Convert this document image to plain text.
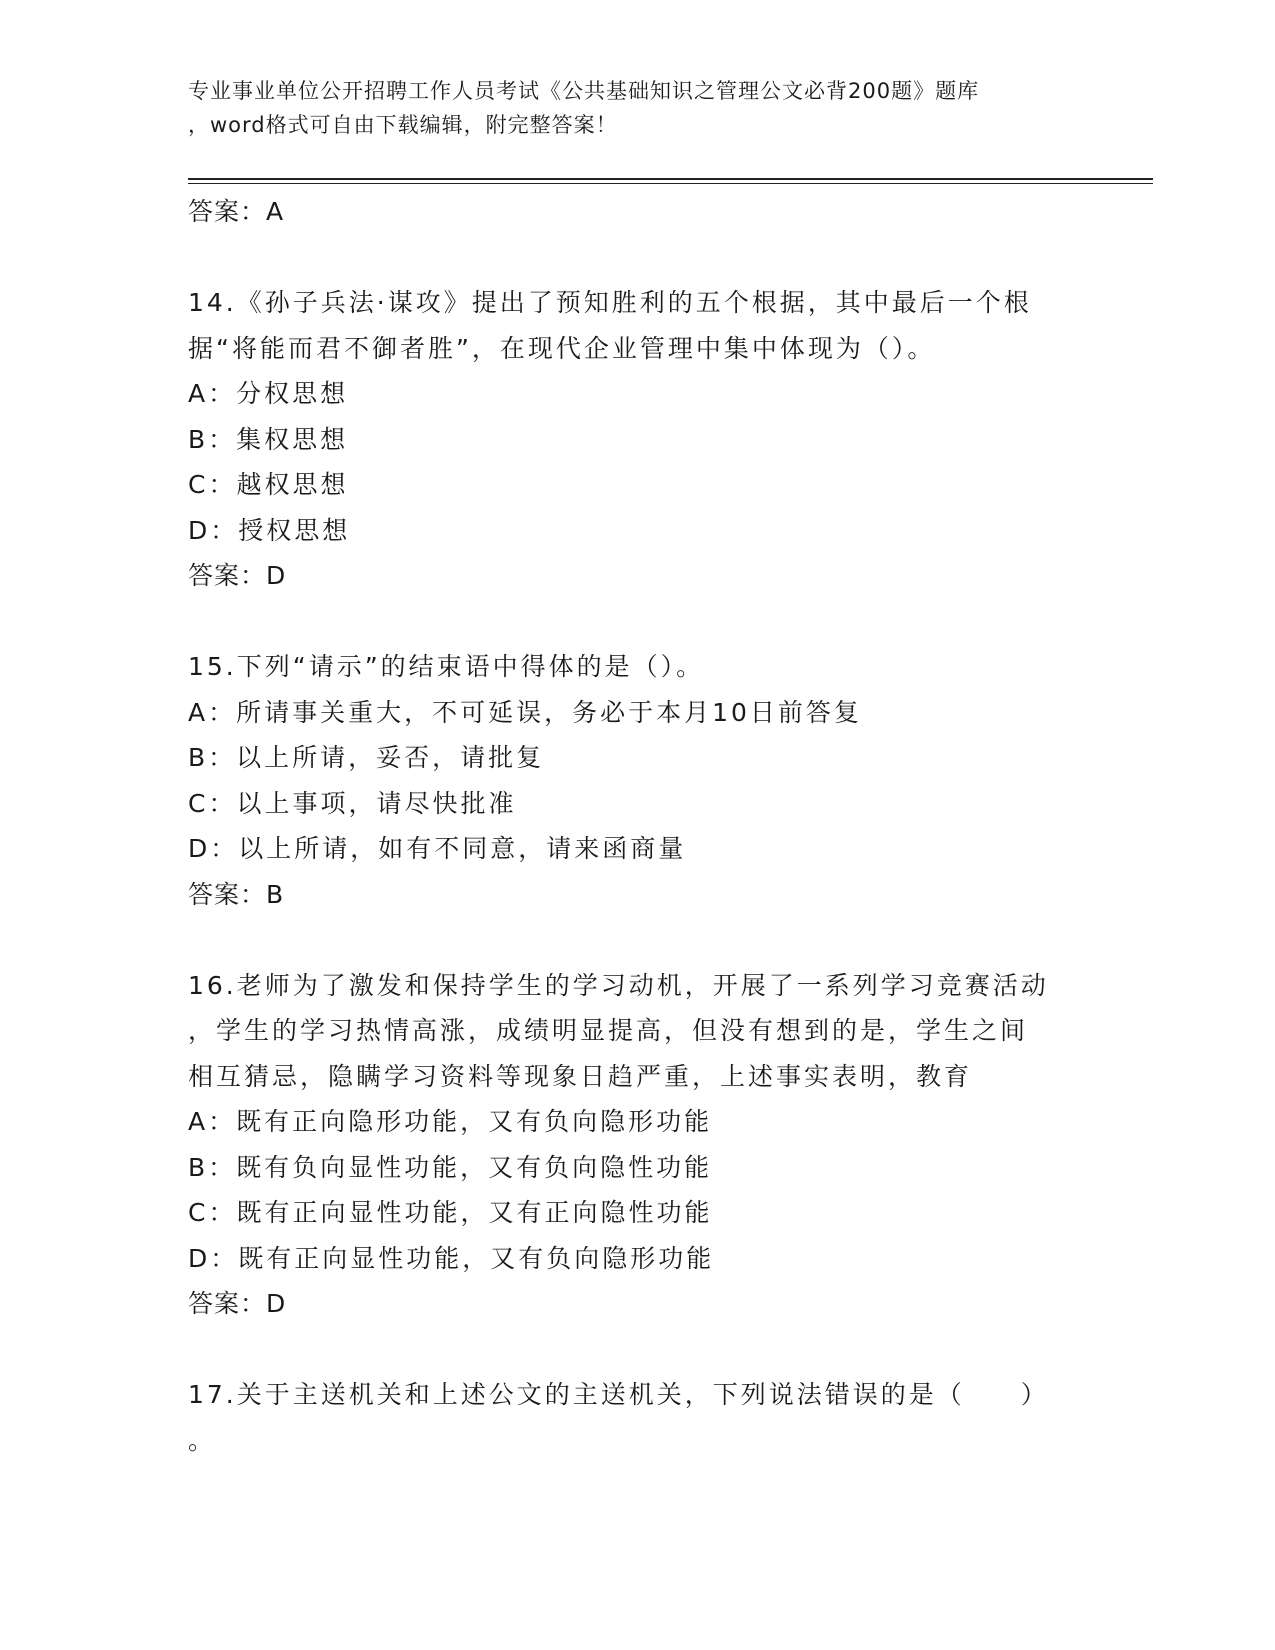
专业事业单位公开招聘工作人员考试《公共基础知识之管理公文必背200题》题库
，word格式可自由下载编辑，附完整答案！
答案：A
14.《孙子兵法·谋攻》提出了预知胜利的五个根据，其中最后一个根
据“将能而君不御者胜”，在现代企业管理中集中体现为（）。
A：分权思想
B：集权思想
C：越权思想
D：授权思想
答案：D
15.下列“请示”的结束语中得体的是（）。
A：所请事关重大，不可延误，务必于本月10日前答复
B：以上所请，妥否，请批复
C：以上事项，请尽快批准
D：以上所请，如有不同意，请来函商量
答案：B
16.老师为了激发和保持学生的学习动机，开展了一系列学习竞赛活动
，学生的学习热情高涨，成绩明显提高，但没有想到的是，学生之间
相互猜忌，隐瞒学习资料等现象日趋严重，上述事实表明，教育
A：既有正向隐形功能，又有负向隐形功能
B：既有负向显性功能，又有负向隐性功能
C：既有正向显性功能，又有正向隐性功能
D：既有正向显性功能，又有负向隐形功能
答案：D
17.关于主送机关和上述公文的主送机关，下列说法错误的是（　　）
。
